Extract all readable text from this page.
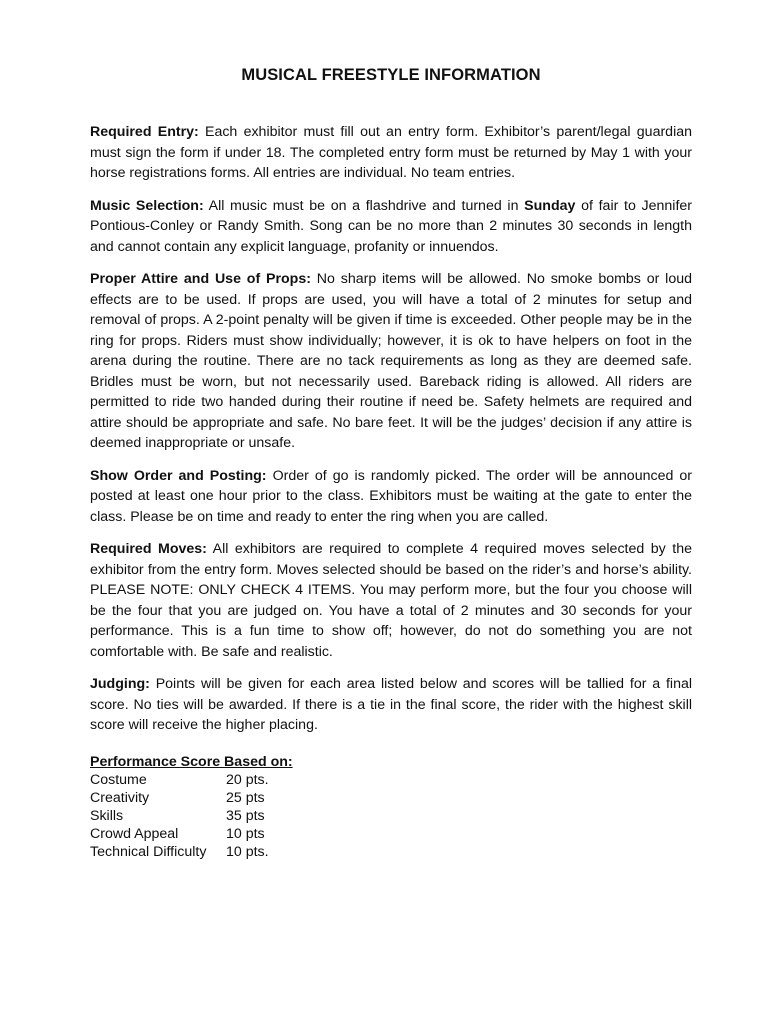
MUSICAL FREESTYLE INFORMATION

Required Entry: Each exhibitor must fill out an entry form. Exhibitor’s parent/legal guardian must sign the form if under 18. The completed entry form must be returned by May 1 with your horse registrations forms. All entries are individual. No team entries.

Music Selection: All music must be on a flashdrive and turned in Sunday of fair to Jennifer Pontious-Conley or Randy Smith. Song can be no more than 2 minutes 30 seconds in length and cannot contain any explicit language, profanity or innuendos.

Proper Attire and Use of Props: No sharp items will be allowed. No smoke bombs or loud effects are to be used. If props are used, you will have a total of 2 minutes for setup and removal of props. A 2-point penalty will be given if time is exceeded. Other people may be in the ring for props. Riders must show individually; however, it is ok to have helpers on foot in the arena during the routine. There are no tack requirements as long as they are deemed safe. Bridles must be worn, but not necessarily used. Bareback riding is allowed. All riders are permitted to ride two handed during their routine if need be. Safety helmets are required and attire should be appropriate and safe. No bare feet. It will be the judges’ decision if any attire is deemed inappropriate or unsafe.

Show Order and Posting: Order of go is randomly picked. The order will be announced or posted at least one hour prior to the class. Exhibitors must be waiting at the gate to enter the class. Please be on time and ready to enter the ring when you are called.

Required Moves: All exhibitors are required to complete 4 required moves selected by the exhibitor from the entry form. Moves selected should be based on the rider’s and horse’s ability. PLEASE NOTE: ONLY CHECK 4 ITEMS. You may perform more, but the four you choose will be the four that you are judged on. You have a total of 2 minutes and 30 seconds for your performance. This is a fun time to show off; however, do not do something you are not comfortable with. Be safe and realistic.

Judging: Points will be given for each area listed below and scores will be tallied for a final score. No ties will be awarded. If there is a tie in the final score, the rider with the highest skill score will receive the higher placing.

Performance Score Based on:
Costume	20 pts.
Creativity	25 pts
Skills	35 pts
Crowd Appeal	10 pts
Technical Difficulty	10 pts.
